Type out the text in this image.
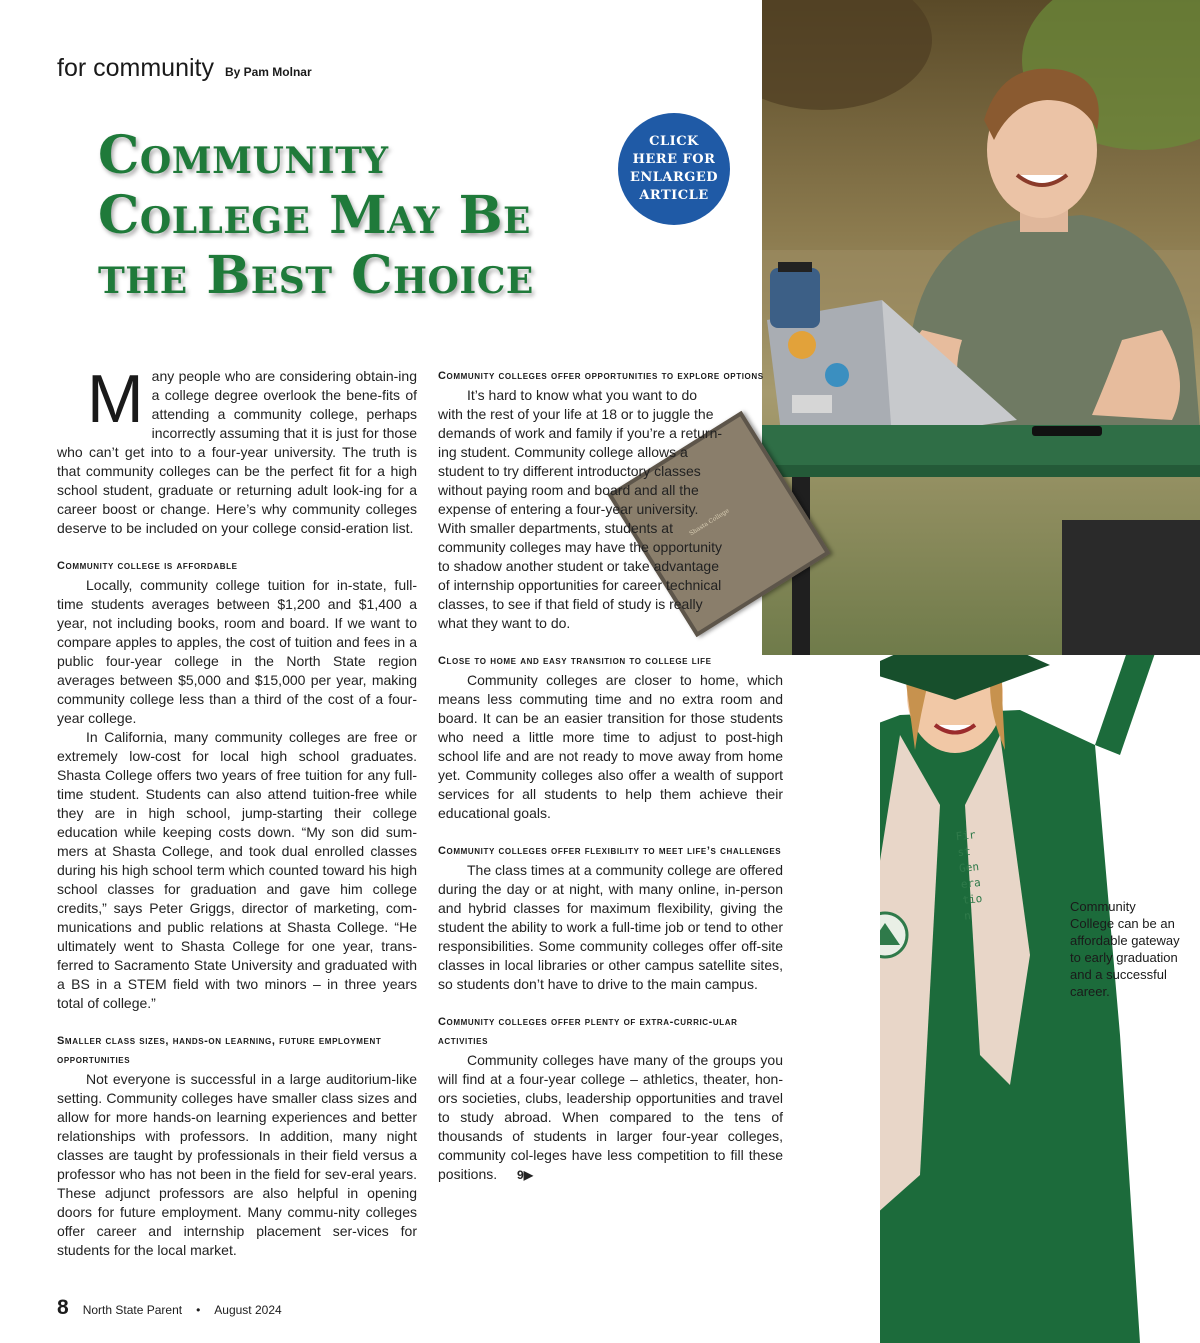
Shasta College
First Generation
for community By Pam Molnar
Community
College May Be
the Best Choice
CLICK HERE FOR ENLARGED ARTICLE

M any people who are considering obtain-ing a college degree overlook the bene-fits of attending a community college, perhaps incorrectly assuming that it is just for those who can’t get into to a four-year university. The truth is that community colleges can be the perfect fit for a high school student, graduate or returning adult look-ing for a career boost or change. Here’s why community colleges deserve to be included on your college consid-eration list.

Community college is affordable

Locally, community college tuition for in-state, full-time students averages between $1,200 and $1,400 a year, not including books, room and board. If we want to compare apples to apples, the cost of tuition and fees in a public four-year college in the North State region averages between $5,000 and $15,000 per year, making community college less than a third of the cost of a four-year college.

In California, many community colleges are free or extremely low-cost for local high school graduates. Shasta College offers two years of free tuition for any full-time student. Students can also attend tuition-free while they are in high school, jump-starting their college education while keeping costs down. “My son did sum-mers at Shasta College, and took dual enrolled classes during his high school term which counted toward his high school classes for graduation and gave him college credits,” says Peter Griggs, director of marketing, com-munications and public relations at Shasta College. “He ultimately went to Shasta College for one year, trans-ferred to Sacramento State University and graduated with a BS in a STEM field with two minors – in three years total of college.”

Smaller class sizes, hands-on learning, future employment opportunities

Not everyone is successful in a large auditorium-like setting. Community colleges have smaller class sizes and allow for more hands-on learning experiences and better relationships with professors. In addition, many night classes are taught by professionals in their field versus a professor who has not been in the field for sev-eral years. These adjunct professors are also helpful in opening doors for future employment. Many commu-nity colleges offer career and internship placement ser-vices for students for the local market.

Community colleges offer opportunities to explore options

It’s hard to know what you want to do with the rest of your life at 18 or to juggle the demands of work and family if you’re a return-ing student. Community college allows a student to try different introductory classes without paying room and board and all the expense of entering a four-year university. With smaller departments, students at community colleges may have the opportunity to shadow another student or take advantage of internship opportunities for career technical classes, to see if that field of study is really what they want to do.

Close to home and easy transition to college life

Community colleges are closer to home, which means less commuting time and no extra room and board. It can be an easier transition for those students who need a little more time to adjust to post-high school life and are not ready to move away from home yet. Community colleges also offer a wealth of support services for all students to help them achieve their educational goals.

Community colleges offer flexibility to meet life’s challenges

The class times at a community college are offered during the day or at night, with many online, in-person and hybrid classes for maximum flexibility, giving the student the ability to work a full-time job or tend to other responsibilities. Some community colleges offer off-site classes in local libraries or other campus satellite sites, so students don’t have to drive to the main campus.

Community colleges offer plenty of extra-curric-ular activities

Community colleges have many of the groups you will find at a four-year college – athletics, theater, hon-ors societies, clubs, leadership opportunities and travel to study abroad. When compared to the tens of thousands of students in larger four-year colleges, community col-leges have less competition to fill these positions. 9▶

Community College can be an affordable gateway to early graduation and a successful career.
8 North State Parent • August 2024
